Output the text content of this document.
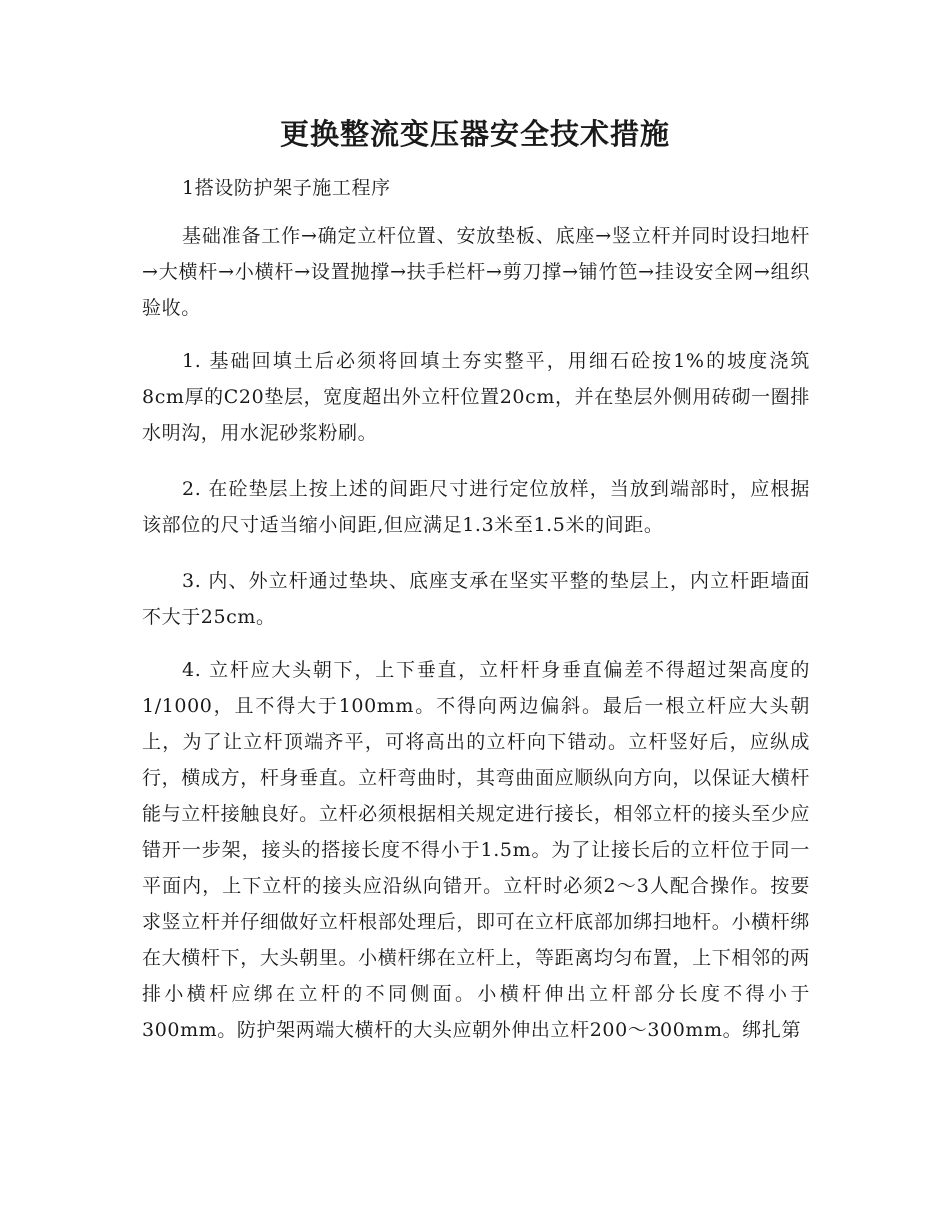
更换整流变压器安全技术措施

1搭设防护架子施工程序

基础准备工作→确定立杆位置、安放垫板、底座→竖立杆并同时设扫地杆→大横杆→小横杆→设置抛撑→扶手栏杆→剪刀撑→铺竹笆→挂设安全网→组织验收。

1. 基础回填土后必须将回填土夯实整平，用细石砼按1%的坡度浇筑8cm厚的C20垫层，宽度超出外立杆位置20cm，并在垫层外侧用砖砌一圈排水明沟，用水泥砂浆粉刷。

2. 在砼垫层上按上述的间距尺寸进行定位放样，当放到端部时，应根据该部位的尺寸适当缩小间距,但应满足1.3米至1.5米的间距。

3. 内、外立杆通过垫块、底座支承在坚实平整的垫层上，内立杆距墙面不大于25cm。

4. 立杆应大头朝下，上下垂直，立杆杆身垂直偏差不得超过架高度的1/1000，且不得大于100mm。不得向两边偏斜。最后一根立杆应大头朝上，为了让立杆顶端齐平，可将高出的立杆向下错动。立杆竖好后，应纵成行，横成方，杆身垂直。立杆弯曲时，其弯曲面应顺纵向方向，以保证大横杆能与立杆接触良好。立杆必须根据相关规定进行接长，相邻立杆的接头至少应错开一步架，接头的搭接长度不得小于1.5m。为了让接长后的立杆位于同一平面内，上下立杆的接头应沿纵向错开。立杆时必须2～3人配合操作。按要求竖立杆并仔细做好立杆根部处理后，即可在立杆底部加绑扫地杆。小横杆绑在大横杆下，大头朝里。小横杆绑在立杆上，等距离均匀布置，上下相邻的两排小横杆应绑在立杆的不同侧面。小横杆伸出立杆部分长度不得小于300mm。防护架两端大横杆的大头应朝外伸出立杆200～300mm。绑扎第
